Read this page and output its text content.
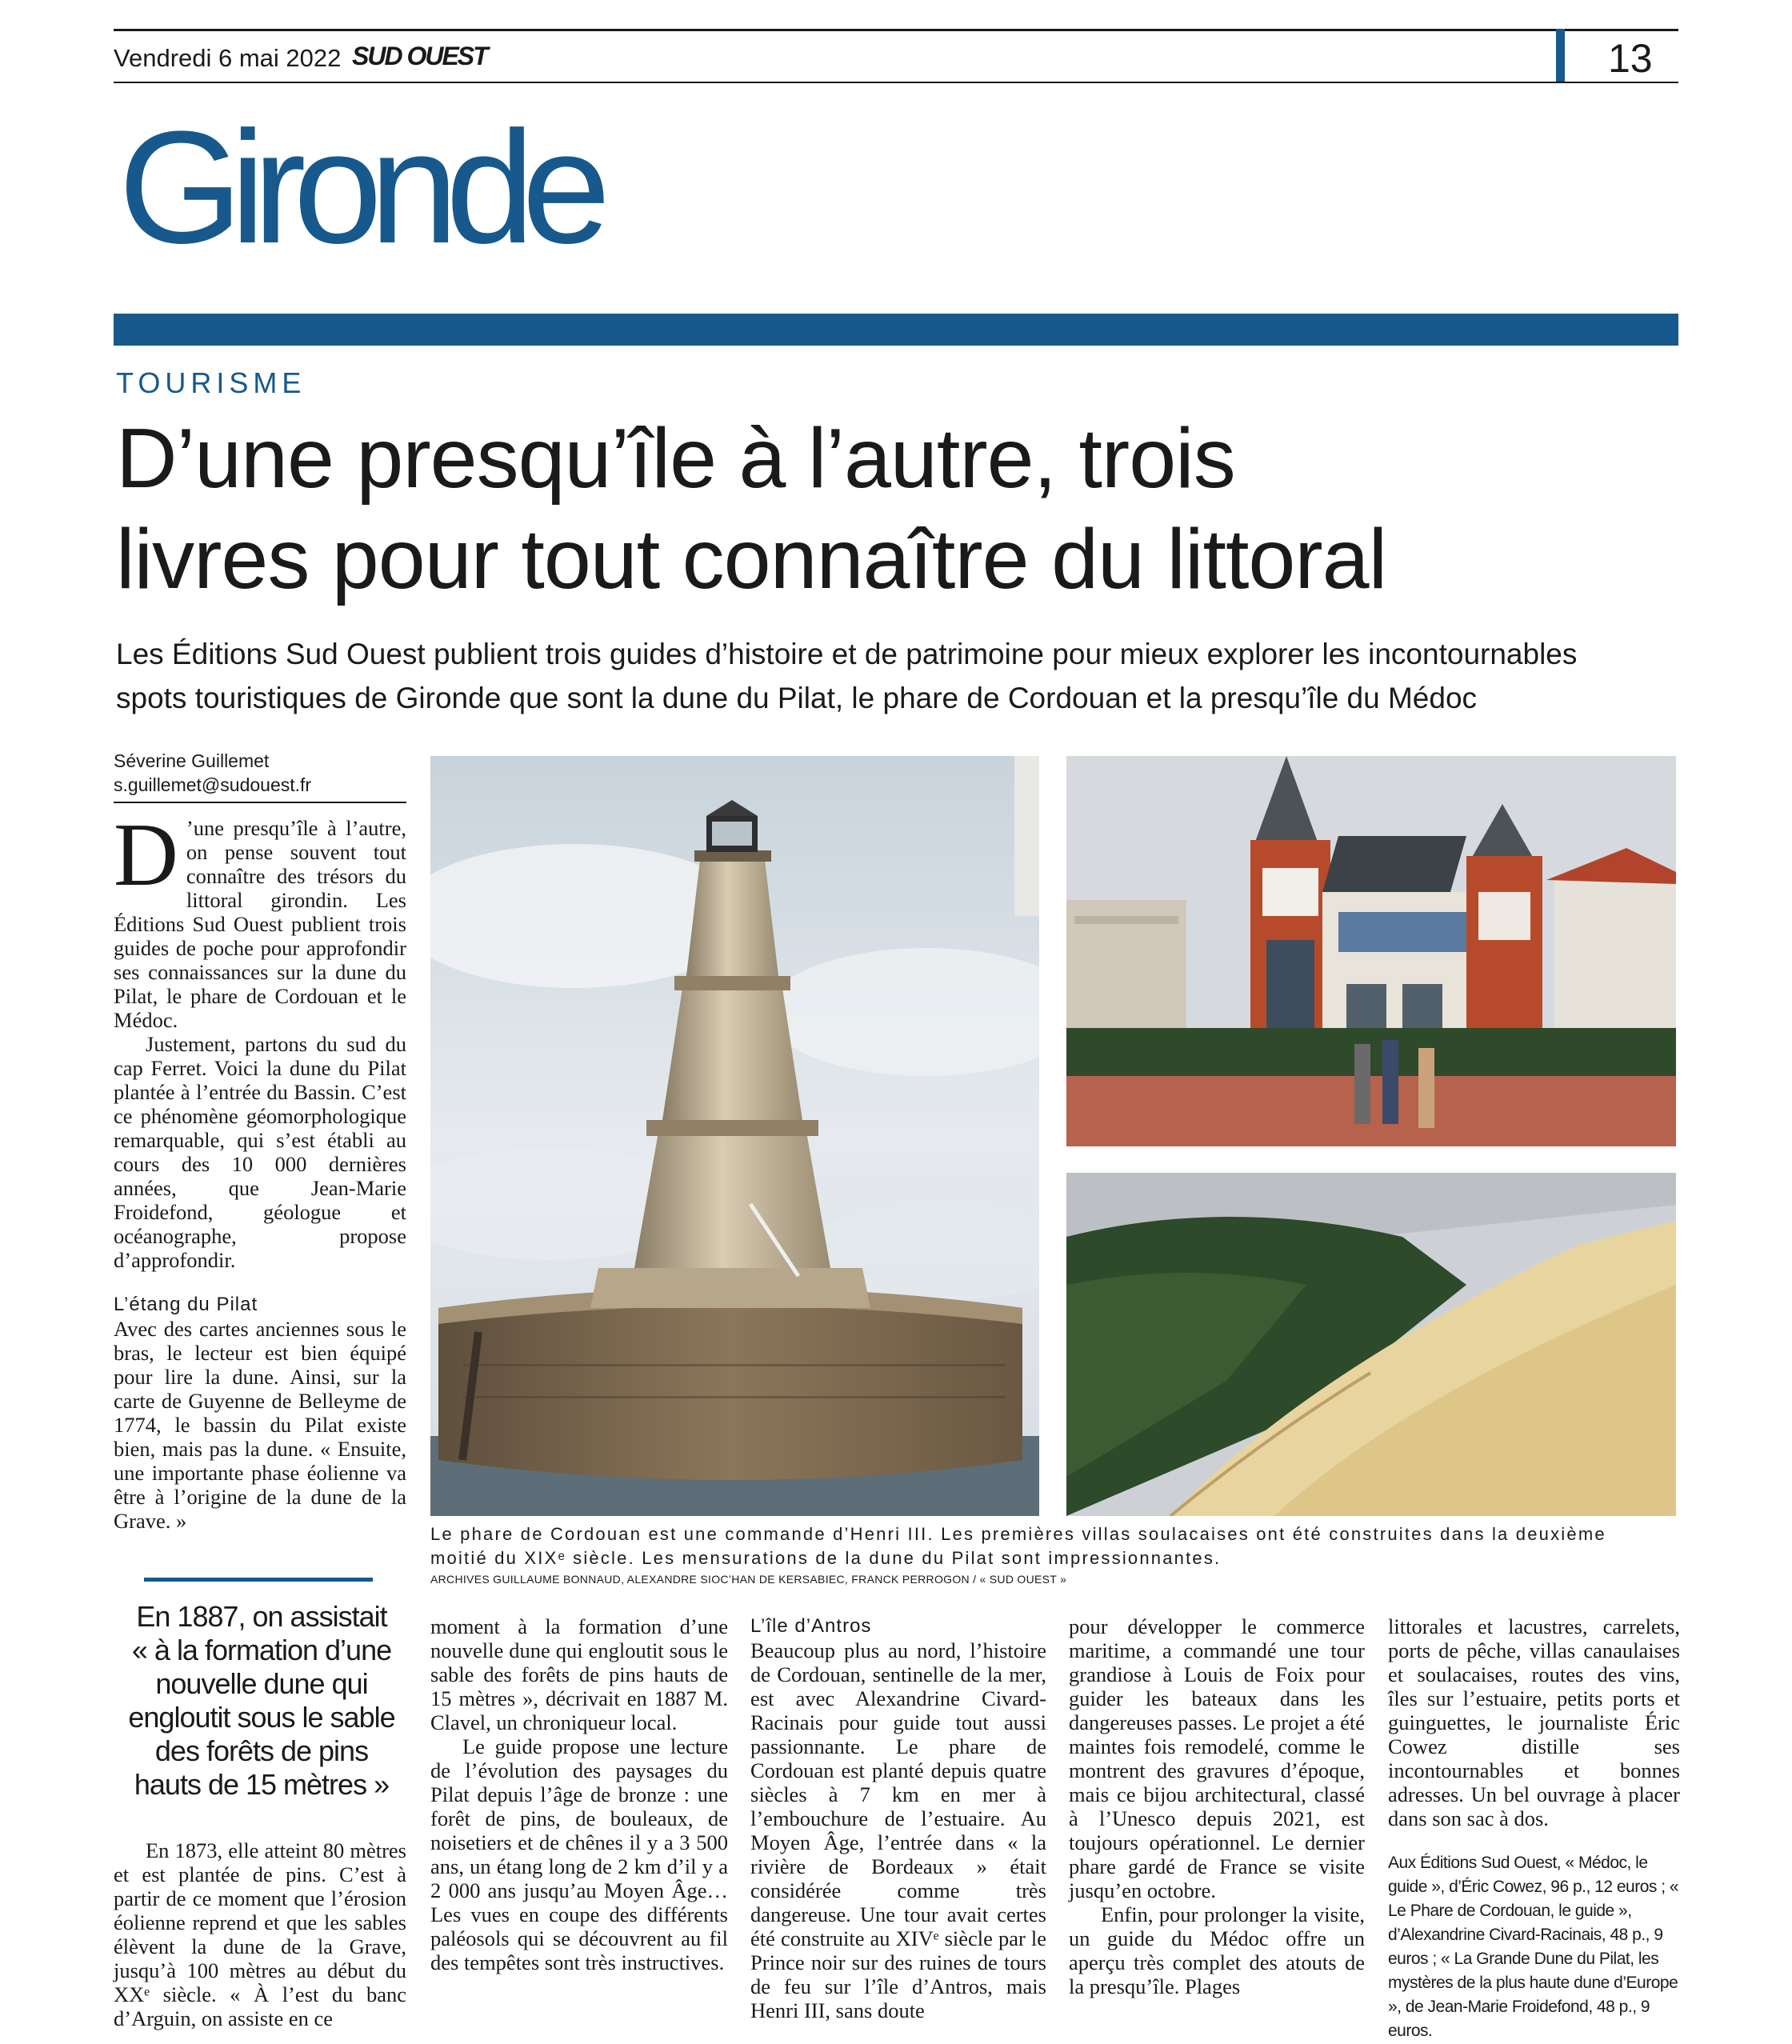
Vendredi 6 mai 2022 SUD OUEST	13
Gironde
TOURISME
D’une presqu’île à l’autre, trois
livres pour tout connaître du littoral
Les Éditions Sud Ouest publient trois guides d’histoire et de patrimoine pour mieux explorer les incontournables
spots touristiques de Gironde que sont la dune du Pilat, le phare de Cordouan et la presqu’île du Médoc
Séverine Guillemet
s.guillemet@sudouest.fr

D ’une presqu’île à l’autre, on pense souvent tout connaître des trésors du littoral girondin. Les Éditions Sud Ouest publient trois guides de poche pour approfondir ses connaissances sur la dune du Pilat, le phare de Cordouan et le Médoc.

Justement, partons du sud du cap Ferret. Voici la dune du Pilat plantée à l’entrée du Bassin. C’est ce phénomène géomorphologique remarquable, qui s’est établi au cours des 10 000 dernières années, que Jean-Marie Froidefond, géologue et océanographe, propose d’approfondir.

L’étang du Pilat

Avec des cartes anciennes sous le bras, le lecteur est bien équipé pour lire la dune. Ainsi, sur la carte de Guyenne de Belleyme de 1774, le bassin du Pilat existe bien, mais pas la dune. « Ensuite, une importante phase éolienne va être à l’origine de la dune de la Grave. »

En 1887, on assistait
« à la formation d’une
nouvelle dune qui
engloutit sous le sable
des forêts de pins
hauts de 15 mètres »

En 1873, elle atteint 80 mètres et est plantée de pins. C’est à partir de ce moment que l’érosion éolienne reprend et que les sables élèvent la dune de la Grave, jusqu’à 100 mètres au début du XXᵉ siècle. « À l’est du banc d’Arguin, on assiste en ce

moment à la formation d’une nouvelle dune qui engloutit sous le sable des forêts de pins hauts de 15 mètres », décrivait en 1887 M. Clavel, un chroniqueur local.

Le guide propose une lecture de l’évolution des paysages du Pilat depuis l’âge de bronze : une forêt de pins, de bouleaux, de noisetiers et de chênes il y a 3 500 ans, un étang long de 2 km d’il y a 2 000 ans jusqu’au Moyen Âge… Les vues en coupe des différents paléosols qui se découvrent au fil des tempêtes sont très instructives.

L’île d’Antros

Beaucoup plus au nord, l’histoire de Cordouan, sentinelle de la mer, est avec Alexandrine Civard-Racinais pour guide tout aussi passionnante. Le phare de Cordouan est planté depuis quatre siècles à 7 km en mer à l’embouchure de l’estuaire. Au Moyen Âge, l’entrée dans « la rivière de Bordeaux » était considérée comme très dangereuse. Une tour avait certes été construite au XIVᵉ siècle par le Prince noir sur des ruines de tours de feu sur l’île d’Antros, mais Henri III, sans doute

pour développer le commerce maritime, a commandé une tour grandiose à Louis de Foix pour guider les bateaux dans les dangereuses passes. Le projet a été maintes fois remodelé, comme le montrent des gravures d’époque, mais ce bijou architectural, classé à l’Unesco depuis 2021, est toujours opérationnel. Le dernier phare gardé de France se visite jusqu’en octobre.

Enfin, pour prolonger la visite, un guide du Médoc offre un aperçu très complet des atouts de la presqu’île. Plages

littorales et lacustres, carrelets, ports de pêche, villas canaulaises et soulacaises, routes des vins, îles sur l’estuaire, petits ports et guinguettes, le journaliste Éric Cowez distille ses incontournables et bonnes adresses. Un bel ouvrage à placer dans son sac à dos.

Aux Éditions Sud Ouest, « Médoc, le guide », d’Éric Cowez, 96 p., 12 euros ; « Le Phare de Cordouan, le guide », d’Alexandrine Civard-Racinais, 48 p., 9 euros ; « La Grande Dune du Pilat, les mystères de la plus haute dune d’Europe », de Jean-Marie Froidefond, 48 p., 9 euros.

Le phare de Cordouan est une commande d’Henri III. Les premières villas soulacaises ont été construites dans la deuxième
moitié du XIXᵉ siècle. Les mensurations de la dune du Pilat sont impressionnantes.
ARCHIVES GUILLAUME BONNAUD, ALEXANDRE SIOC’HAN DE KERSABIEC, FRANCK PERROGON / « SUD OUEST »
